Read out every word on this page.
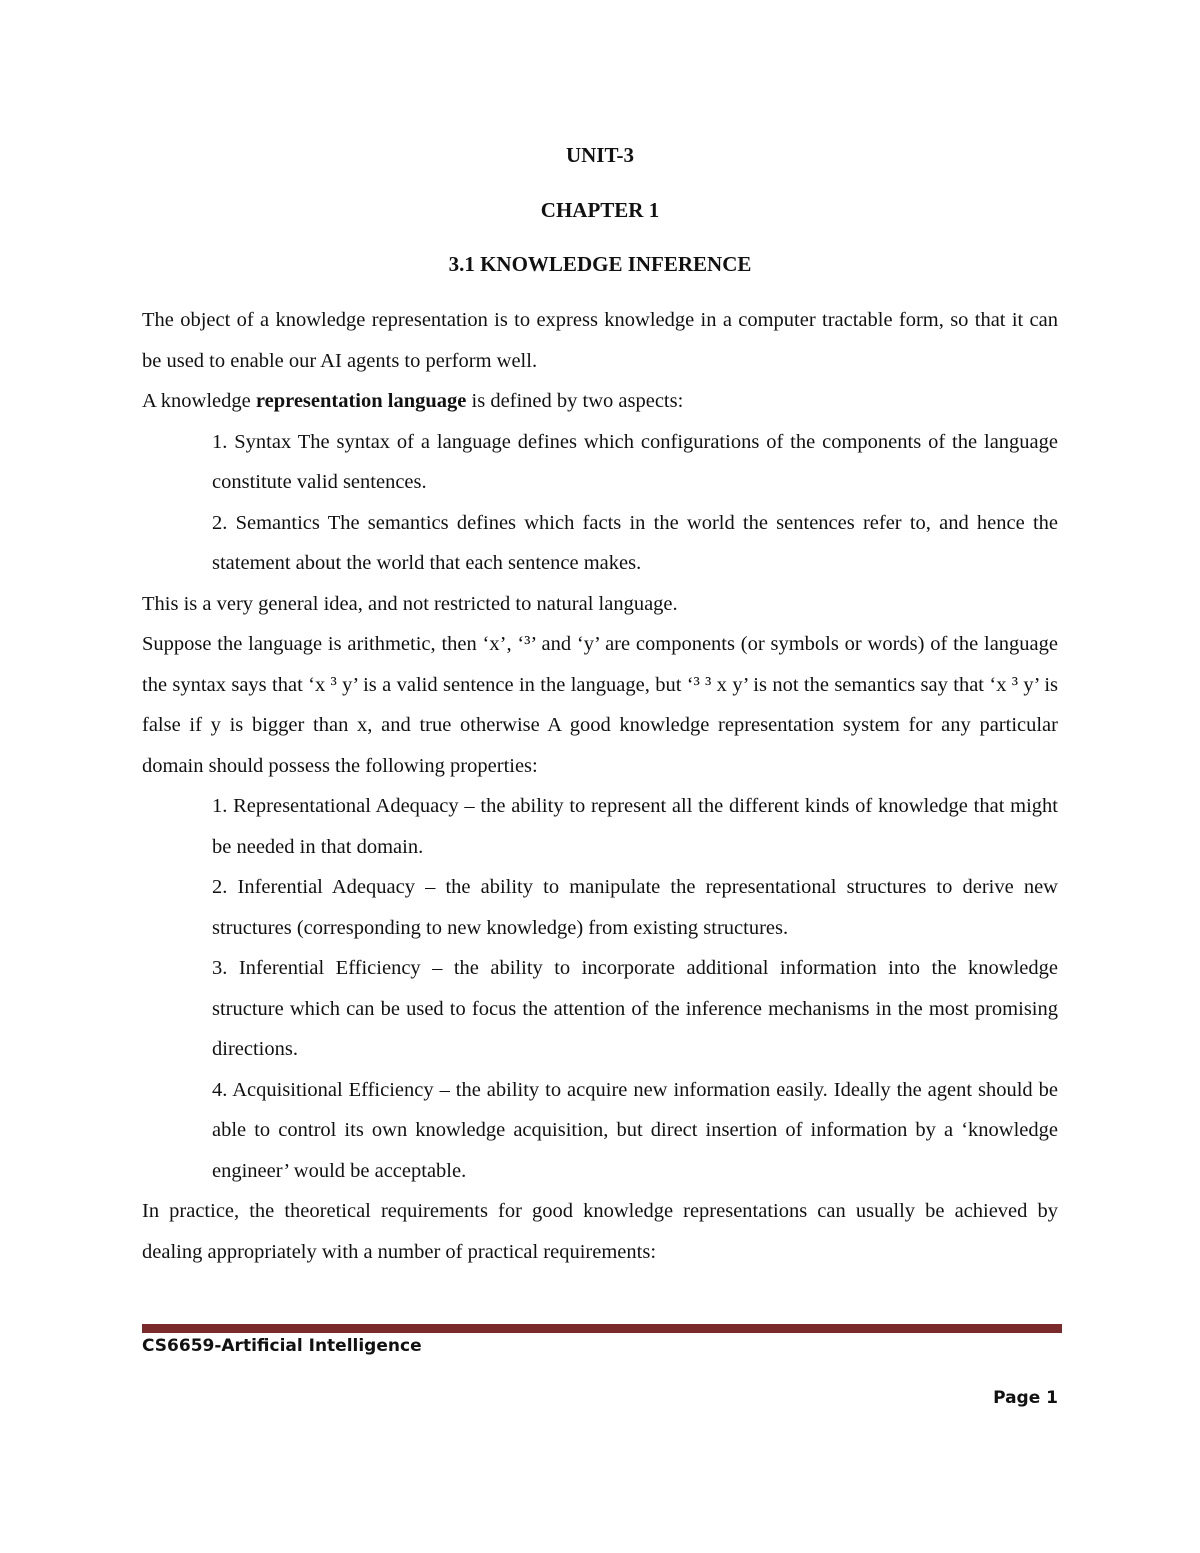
UNIT-3
CHAPTER 1
3.1 KNOWLEDGE INFERENCE

The object of a knowledge representation is to express knowledge in a computer tractable form, so that it can be used to enable our AI agents to perform well.

A knowledge representation language is defined by two aspects:

1. Syntax The syntax of a language defines which configurations of the components of the language constitute valid sentences.

2. Semantics The semantics defines which facts in the world the sentences refer to, and hence the statement about the world that each sentence makes.

This is a very general idea, and not restricted to natural language.

Suppose the language is arithmetic, then ‘x’, ‘³’ and ‘y’ are components (or symbols or words) of the language the syntax says that ‘x ³ y’ is a valid sentence in the language, but ‘³ ³ x y’ is not the semantics say that ‘x ³ y’ is false if y is bigger than x, and true otherwise A good knowledge representation system for any particular domain should possess the following properties:

1. Representational Adequacy – the ability to represent all the different kinds of knowledge that might be needed in that domain.

2. Inferential Adequacy – the ability to manipulate the representational structures to derive new structures (corresponding to new knowledge) from existing structures.

3. Inferential Efficiency – the ability to incorporate additional information into the knowledge structure which can be used to focus the attention of the inference mechanisms in the most promising directions.

4. Acquisitional Efficiency – the ability to acquire new information easily. Ideally the agent should be able to control its own knowledge acquisition, but direct insertion of information by a ‘knowledge engineer’ would be acceptable.

In practice, the theoretical requirements for good knowledge representations can usually be achieved by dealing appropriately with a number of practical requirements:

CS6659-Artificial Intelligence
Page 1
